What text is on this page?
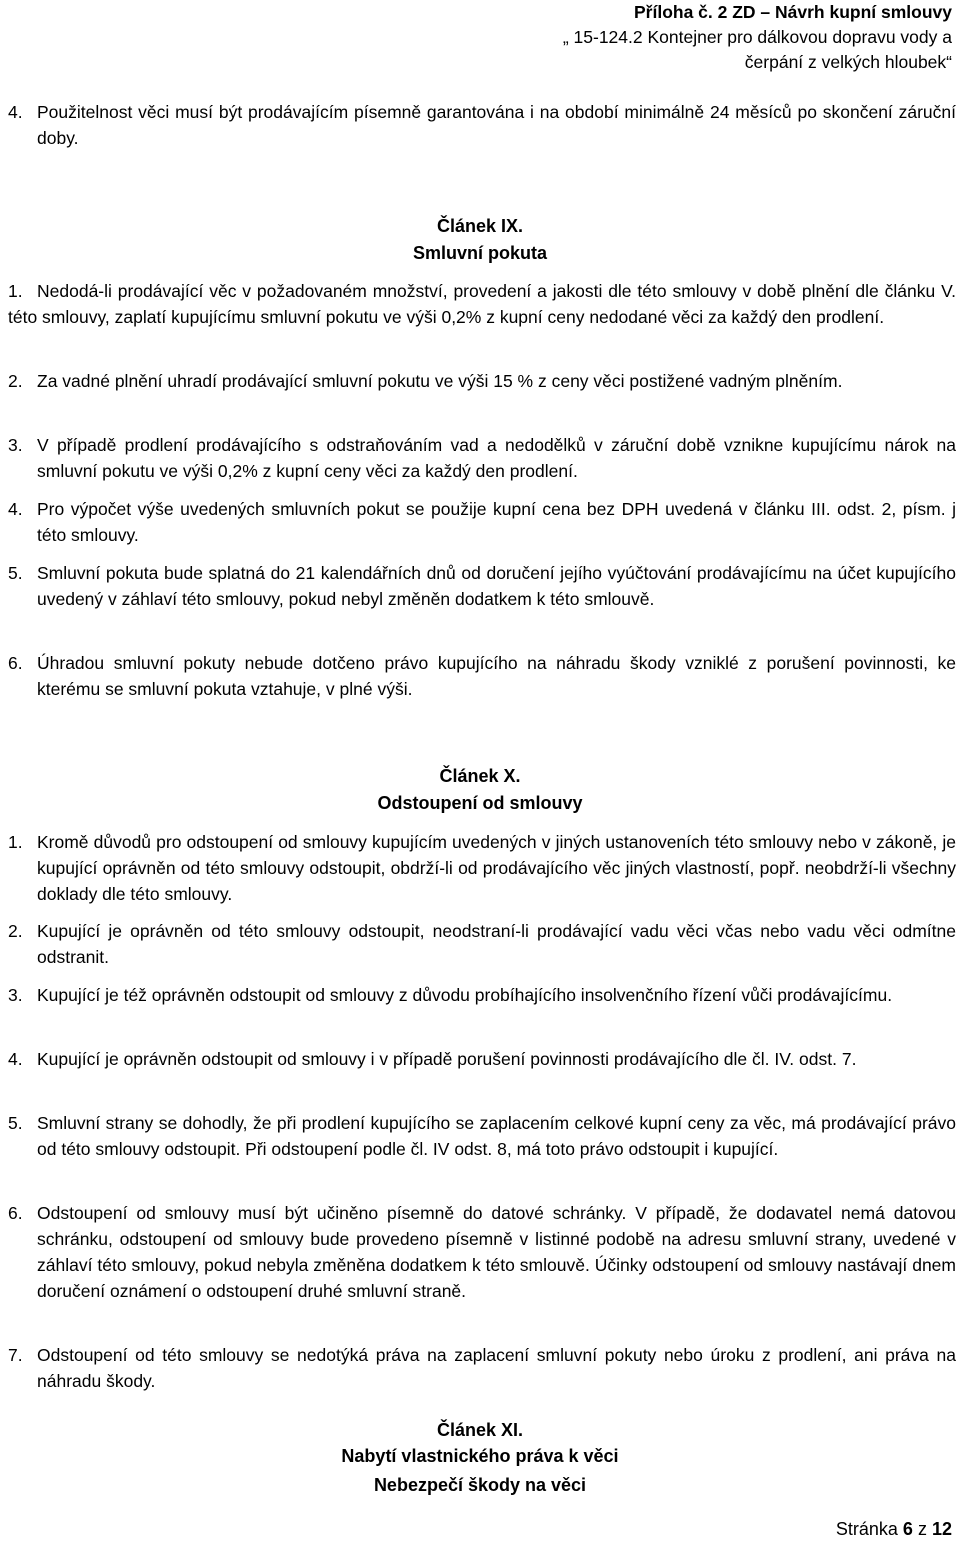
Příloha č. 2 ZD – Návrh kupní smlouvy
„ 15-124.2 Kontejner pro dálkovou dopravu vody a
čerpání z velkých hloubek“
4. Použitelnost věci musí být prodávajícím písemně garantována i na období minimálně 24 měsíců po skončení záruční doby.
Článek IX.
Smluvní pokuta
1. Nedodá-li prodávající věc v požadovaném množství, provedení a jakosti dle této smlouvy v době plnění dle článku V. této smlouvy, zaplatí kupujícímu smluvní pokutu ve výši 0,2% z kupní ceny nedodané věci za každý den prodlení.
2. Za vadné plnění uhradí prodávající smluvní pokutu ve výši 15 % z ceny věci postižené vadným plněním.
3. V případě prodlení prodávajícího s odstraňováním vad a nedodělků v záruční době vznikne kupujícímu nárok na smluvní pokutu ve výši 0,2% z kupní ceny věci za každý den prodlení.
4. Pro výpočet výše uvedených smluvních pokut se použije kupní cena bez DPH uvedená v článku III. odst. 2, písm. j této smlouvy.
5. Smluvní pokuta bude splatná do 21 kalendářních dnů od doručení jejího vyúčtování prodávajícímu na účet kupujícího uvedený v záhlaví této smlouvy, pokud nebyl změněn dodatkem k této smlouvě.
6. Úhradou smluvní pokuty nebude dotčeno právo kupujícího na náhradu škody vzniklé z porušení povinnosti, ke kterému se smluvní pokuta vztahuje, v plné výši.
Článek X.
Odstoupení od smlouvy
1. Kromě důvodů pro odstoupení od smlouvy kupujícím uvedených v jiných ustanoveních této smlouvy nebo v zákoně, je kupující oprávněn od této smlouvy odstoupit, obdrží-li od prodávajícího věc jiných vlastností, popř. neobdrží-li všechny doklady dle této smlouvy.
2. Kupující je oprávněn od této smlouvy odstoupit, neodstraní-li prodávající vadu věci včas nebo vadu věci odmítne odstranit.
3. Kupující je též oprávněn odstoupit od smlouvy z důvodu probíhajícího insolvenčního řízení vůči prodávajícímu.
4. Kupující je oprávněn odstoupit od smlouvy i v případě porušení povinnosti prodávajícího dle čl. IV. odst. 7.
5. Smluvní strany se dohodly, že při prodlení kupujícího se zaplacením celkové kupní ceny za věc, má prodávající právo od této smlouvy odstoupit. Při odstoupení podle čl. IV odst. 8, má toto právo odstoupit i kupující.
6. Odstoupení od smlouvy musí být učiněno písemně do datové schránky. V případě, že dodavatel nemá datovou schránku, odstoupení od smlouvy bude provedeno písemně v listinné podobě na adresu smluvní strany, uvedené v záhlaví této smlouvy, pokud nebyla změněna dodatkem k této smlouvě. Účinky odstoupení od smlouvy nastávají dnem doručení oznámení o odstoupení druhé smluvní straně.
7. Odstoupení od této smlouvy se nedotýká práva na zaplacení smluvní pokuty nebo úroku z prodlení, ani práva na náhradu škody.
Článek XI.
Nabytí vlastnického práva k věci
Nebezpečí škody na věci
Stránka 6 z 12
